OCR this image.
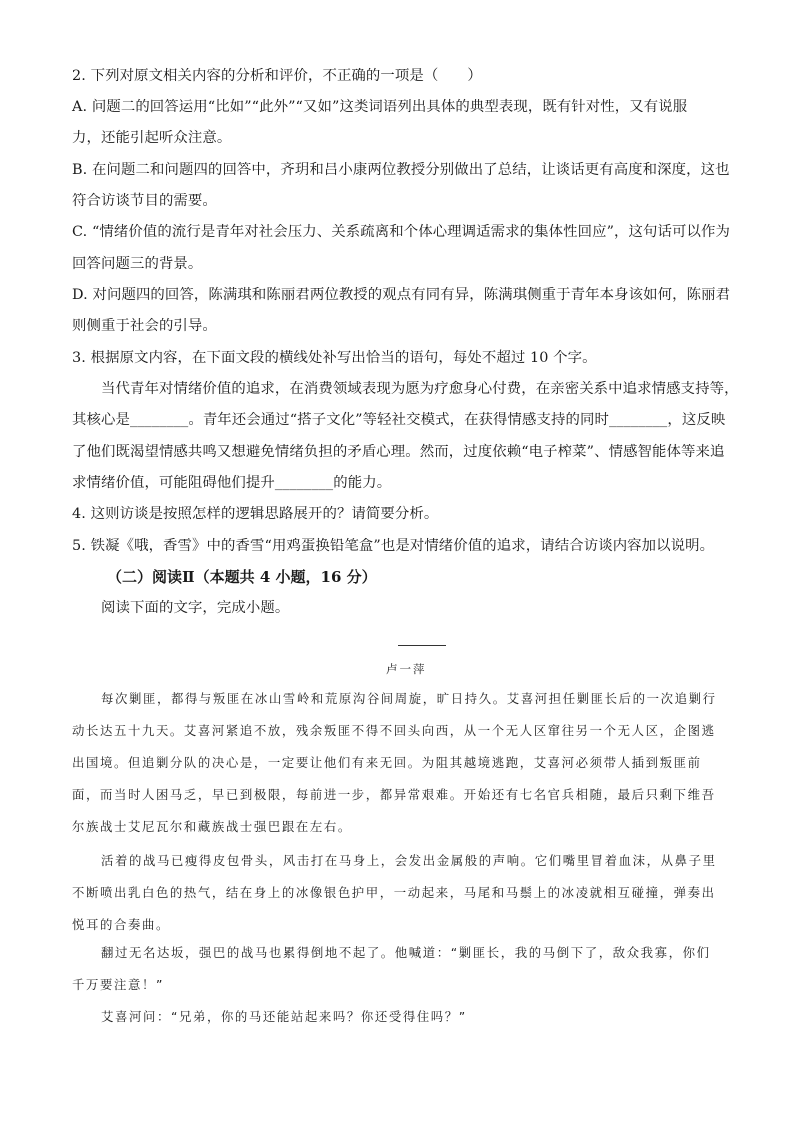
2. 下列对原文相关内容的分析和评价，不正确的一项是（　　）
A. 问题二的回答运用“比如”“此外”“又如”这类词语列出具体的典型表现，既有针对性，又有说服
力，还能引起听众注意。
B. 在问题二和问题四的回答中，齐玥和吕小康两位教授分别做出了总结，让谈话更有高度和深度，这也
符合访谈节目的需要。
C. “情绪价值的流行是青年对社会压力、关系疏离和个体心理调适需求的集体性回应”，这句话可以作为
回答问题三的背景。
D. 对问题四的回答，陈满琪和陈丽君两位教授的观点有同有异，陈满琪侧重于青年本身该如何，陈丽君
则侧重于社会的引导。
3. 根据原文内容，在下面文段的横线处补写出恰当的语句，每处不超过 10 个字。
当代青年对情绪价值的追求，在消费领域表现为愿为疗愈身心付费，在亲密关系中追求情感支持等，
其核心是________。青年还会通过“搭子文化”等轻社交模式，在获得情感支持的同时________，这反映
了他们既渴望情感共鸣又想避免情绪负担的矛盾心理。然而，过度依赖“电子榨菜”、情感智能体等来追
求情绪价值，可能阻碍他们提升________的能力。
4. 这则访谈是按照怎样的逻辑思路展开的？请简要分析。
5. 铁凝《哦，香雪》中的香雪“用鸡蛋换铅笔盒”也是对情绪价值的追求，请结合访谈内容加以说明。
（二）阅读Ⅱ（本题共 4 小题，16 分）
阅读下面的文字，完成小题。
卢一萍
每次剿匪，都得与叛匪在冰山雪岭和荒原沟谷间周旋，旷日持久。艾喜河担任剿匪长后的一次追剿行
动长达五十九天。艾喜河紧追不放，残余叛匪不得不回头向西，从一个无人区窜往另一个无人区，企图逃
出国境。但追剿分队的决心是，一定要让他们有来无回。为阻其越境逃跑，艾喜河必须带人插到叛匪前
面，而当时人困马乏，早已到极限，每前进一步，都异常艰难。开始还有七名官兵相随，最后只剩下维吾
尔族战士艾尼瓦尔和藏族战士强巴跟在左右。
活着的战马已瘦得皮包骨头，风击打在马身上，会发出金属般的声响。它们嘴里冒着血沫，从鼻子里
不断喷出乳白色的热气，结在身上的冰像银色护甲，一动起来，马尾和马鬃上的冰凌就相互碰撞，弹奏出
悦耳的合奏曲。
翻过无名达坂，强巴的战马也累得倒地不起了。他喊道：“剿匪长，我的马倒下了，敌众我寡，你们
千万要注意！”
艾喜河问：“兄弟，你的马还能站起来吗？你还受得住吗？”
